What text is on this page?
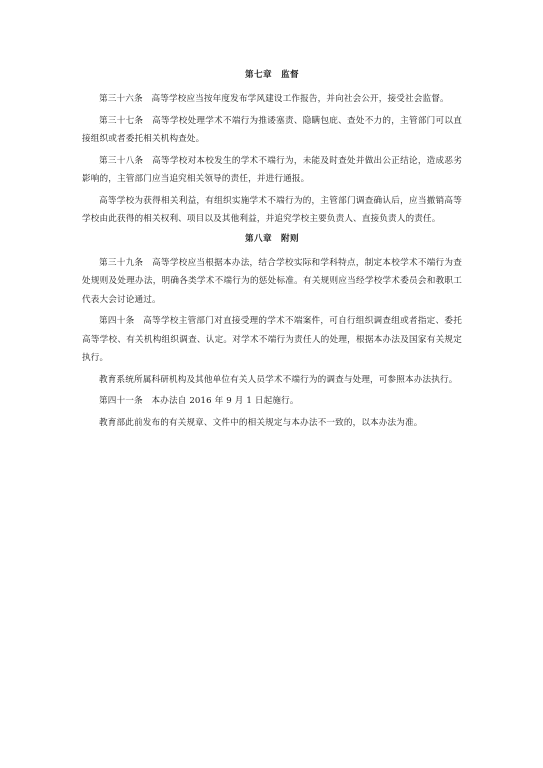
第七章　监督

第三十六条　高等学校应当按年度发布学风建设工作报告，并向社会公开，接受社会监督。

第三十七条　高等学校处理学术不端行为推诿塞责、隐瞒包庇、查处不力的，主管部门可以直接组织或者委托相关机构查处。

第三十八条　高等学校对本校发生的学术不端行为，未能及时查处并做出公正结论，造成恶劣影响的，主管部门应当追究相关领导的责任，并进行通报。

高等学校为获得相关利益，有组织实施学术不端行为的，主管部门调查确认后，应当撤销高等学校由此获得的相关权利、项目以及其他利益，并追究学校主要负责人、直接负责人的责任。

第八章　附则

第三十九条　高等学校应当根据本办法，结合学校实际和学科特点，制定本校学术不端行为查处规则及处理办法，明确各类学术不端行为的惩处标准。有关规则应当经学校学术委员会和教职工代表大会讨论通过。

第四十条　高等学校主管部门对直接受理的学术不端案件，可自行组织调查组或者指定、委托高等学校、有关机构组织调查、认定。对学术不端行为责任人的处理，根据本办法及国家有关规定执行。

教育系统所属科研机构及其他单位有关人员学术不端行为的调查与处理，可参照本办法执行。

第四十一条　本办法自 2016 年 9 月 1 日起施行。

教育部此前发布的有关规章、文件中的相关规定与本办法不一致的，以本办法为准。
